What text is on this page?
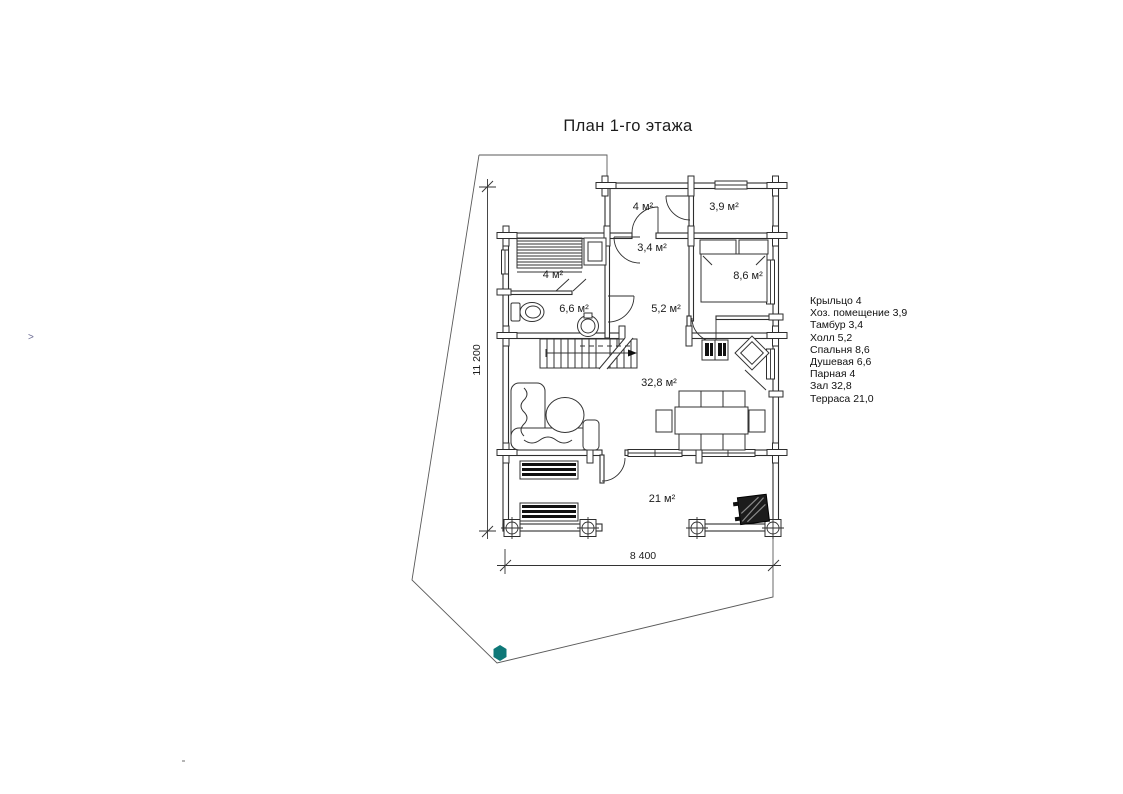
План 1-го этажа
Крыльцо 4
Хоз. помещение 3,9
Тамбур 3,4
Холл 5,2
Спальня 8,6
Душевая 6,6
Парная 4
Зал 32,8
Терраса 21,0
>
11 200
8 400
4 м²	3,9 м²
3,4 м²
4 м²	8,6 м²
6,6 м²	5,2 м²
32,8 м²
21 м²
